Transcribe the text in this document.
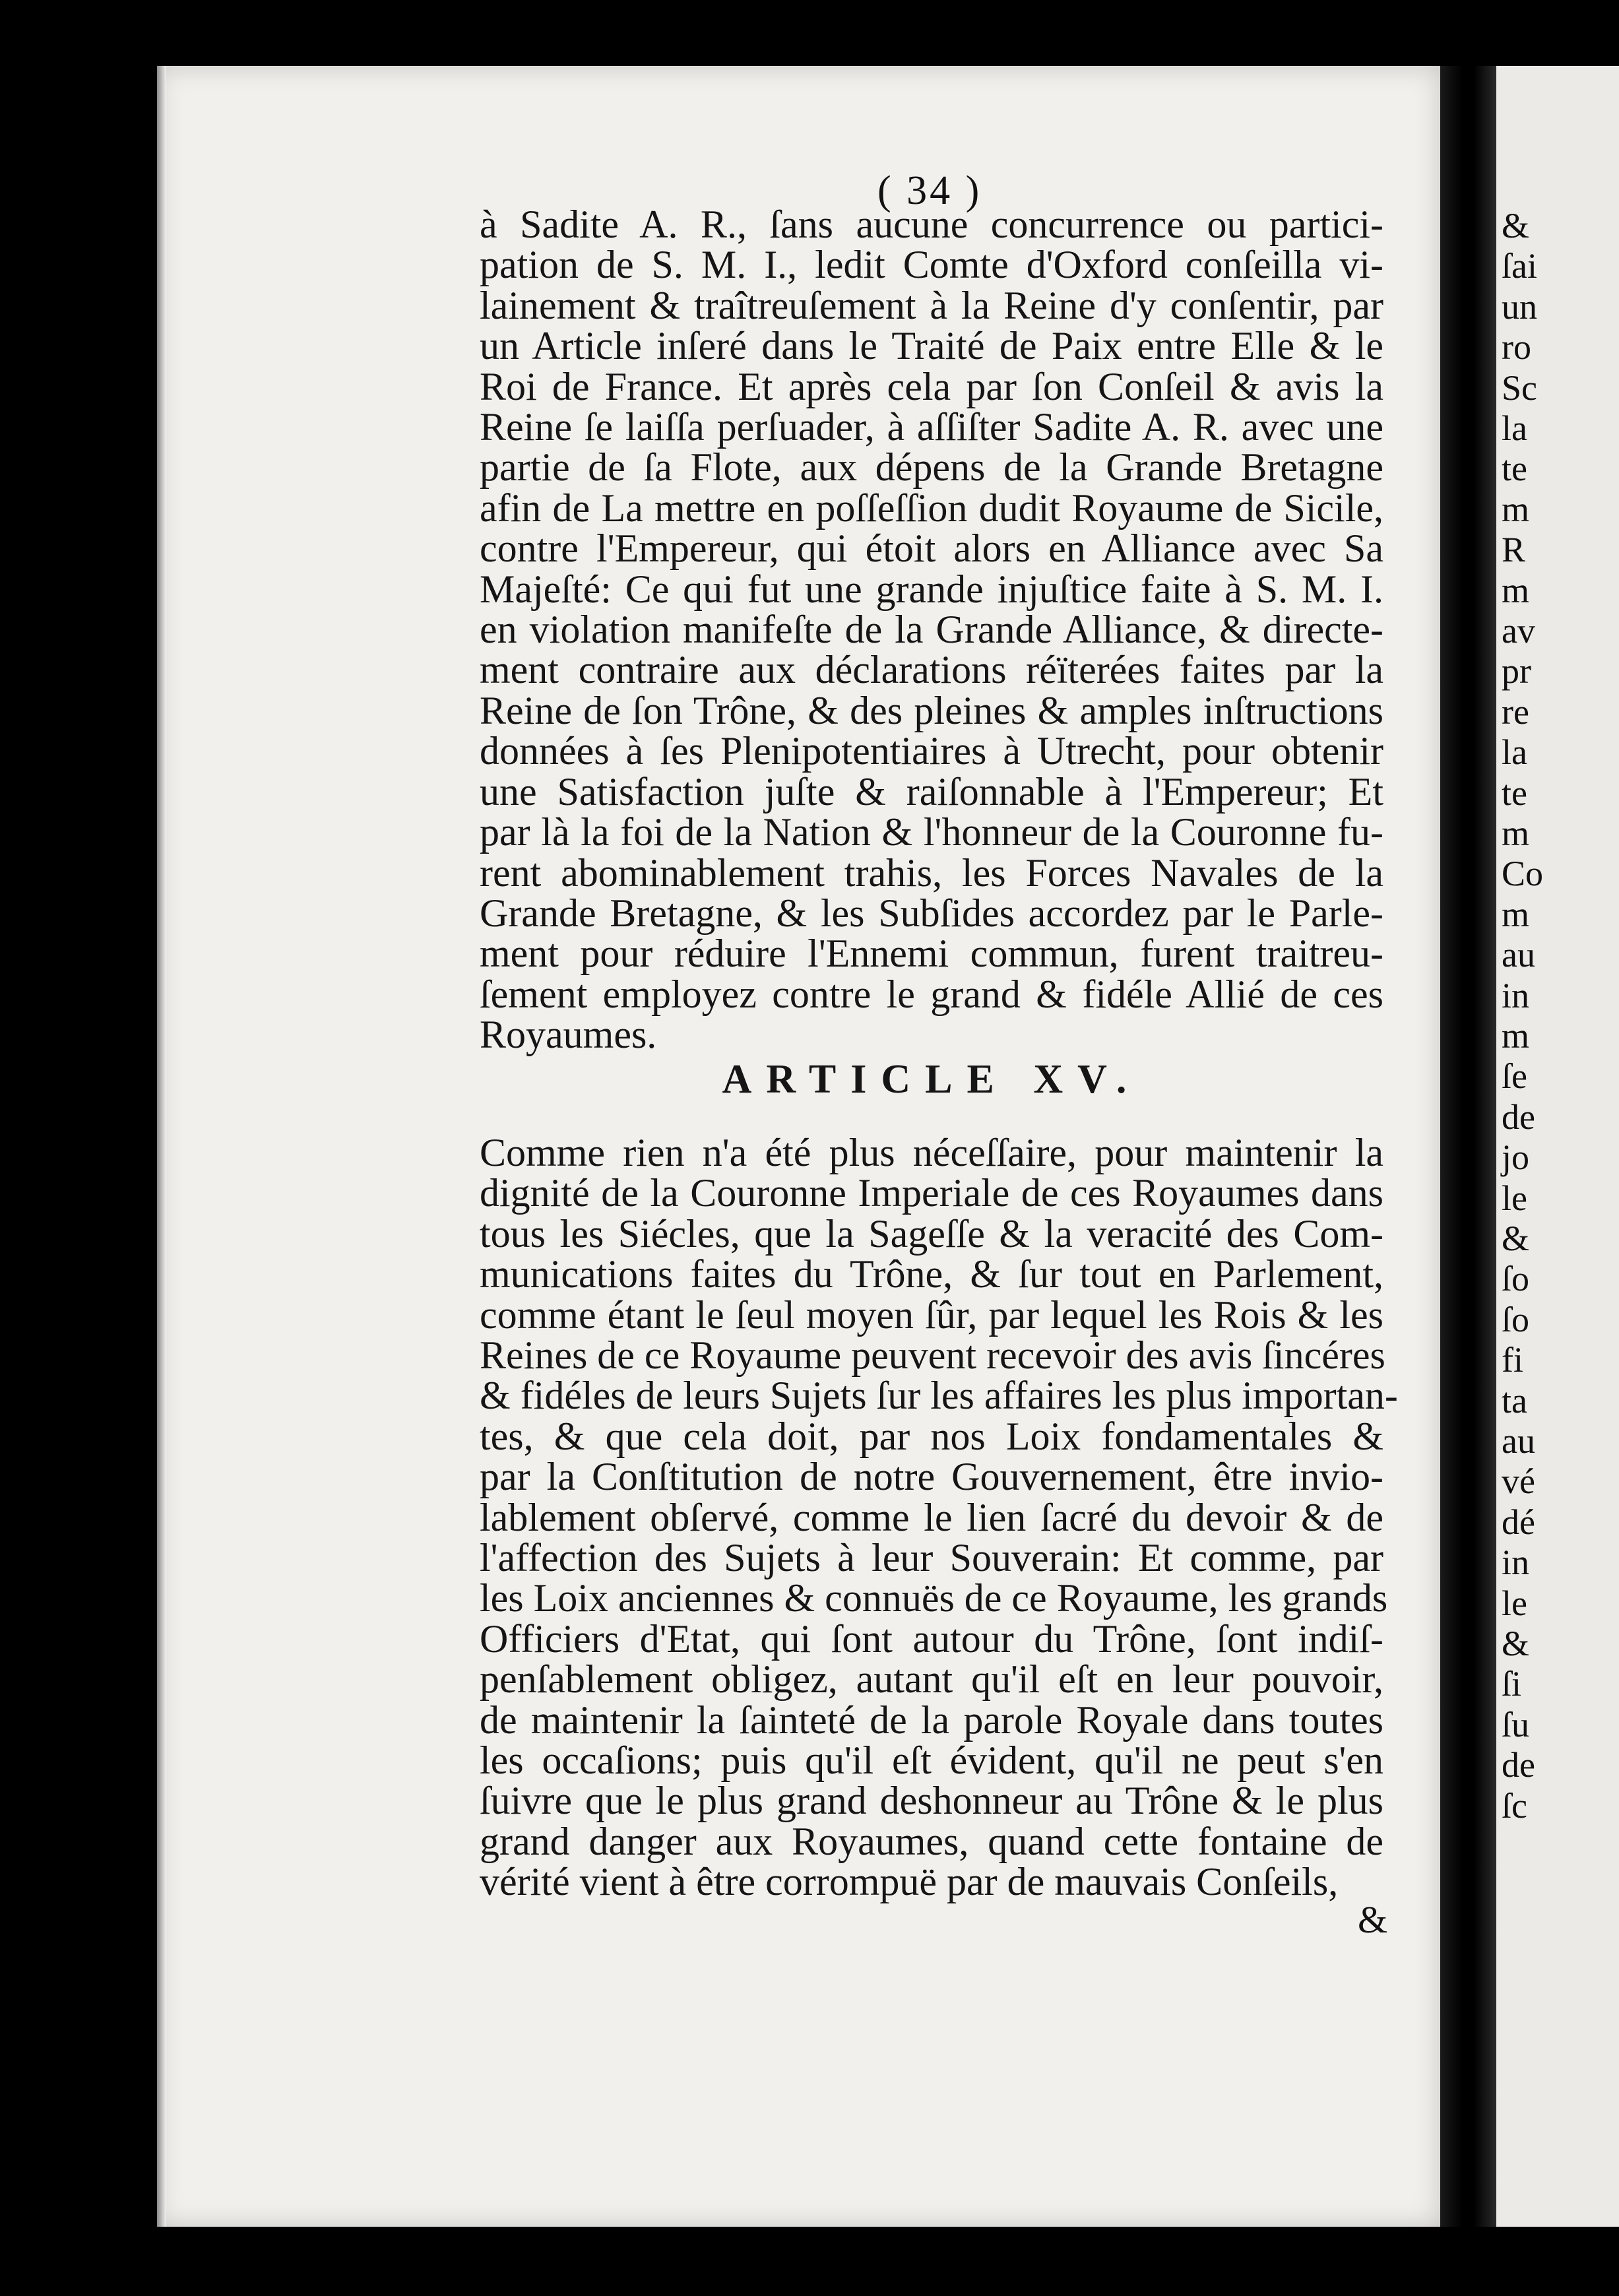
&
ſai
un
ro
Sc
la
te
m
R
m
av
pr
re
la
te
m
Co
m
au
in
m
ſe
de
jo
le
&
ſo
ſo
fi
ta
au
vé
dé
in
le
&
ſi
ſu
de
ſc
( 34 )
à Sadite A. R., ſans aucune concurrence ou partici-
pation de S. M. I., ledit Comte d'Oxford conſeilla vi-
lainement & traîtreuſement à la Reine d'y conſentir, par
un Article inſeré dans le Traité de Paix entre Elle & le
Roi de France. Et après cela par ſon Conſeil & avis la
Reine ſe laiſſa perſuader, à aſſiſter Sadite A. R. avec une
partie de ſa Flote, aux dépens de la Grande Bretagne
afin de La mettre en poſſeſſion dudit Royaume de Sicile,
contre l'Empereur, qui étoit alors en Alliance avec Sa
Majeſté: Ce qui fut une grande injuſtice faite à S. M. I.
en violation manifeſte de la Grande Alliance, & directe-
ment contraire aux déclarations réïterées faites par la
Reine de ſon Trône, & des pleines & amples inſtructions
données à ſes Plenipotentiaires à Utrecht, pour obtenir
une Satisfaction juſte & raiſonnable à l'Empereur; Et
par là la foi de la Nation & l'honneur de la Couronne fu-
rent abominablement trahis, les Forces Navales de la
Grande Bretagne, & les Subſides accordez par le Parle-
ment pour réduire l'Ennemi commun, furent traitreu-
ſement employez contre le grand & fidéle Allié de ces
Royaumes.
ARTICLE XV.
Comme rien n'a été plus néceſſaire, pour maintenir la
dignité de la Couronne Imperiale de ces Royaumes dans
tous les Siécles, que la Sageſſe & la veracité des Com-
munications faites du Trône, & ſur tout en Parlement,
comme étant le ſeul moyen ſûr, par lequel les Rois & les
Reines de ce Royaume peuvent recevoir des avis ſincéres
& fidéles de leurs Sujets ſur les affaires les plus importan-
tes, & que cela doit, par nos Loix fondamentales &
par la Conſtitution de notre Gouvernement, être invio-
lablement obſervé, comme le lien ſacré du devoir & de
l'affection des Sujets à leur Souverain: Et comme, par
les Loix anciennes & connuës de ce Royaume, les grands
Officiers d'Etat, qui ſont autour du Trône, ſont indiſ-
penſablement obligez, autant qu'il eſt en leur pouvoir,
de maintenir la ſainteté de la parole Royale dans toutes
les occaſions; puis qu'il eſt évident, qu'il ne peut s'en
ſuivre que le plus grand deshonneur au Trône & le plus
grand danger aux Royaumes, quand cette fontaine de
vérité vient à être corrompuë par de mauvais Conſeils,
&
